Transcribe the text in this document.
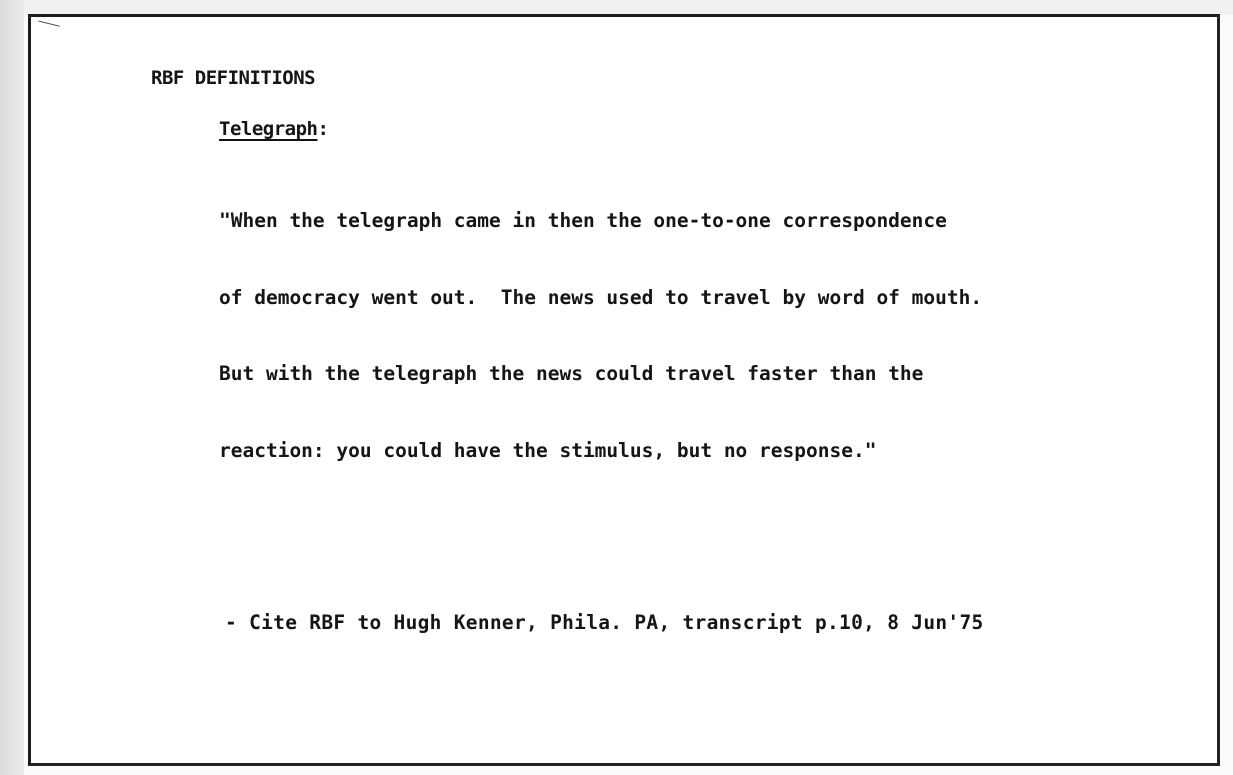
RBF DEFINITIONS
Telegraph:

"When the telegraph came in then the one-to-one correspondence

of democracy went out.  The news used to travel by word of mouth.

But with the telegraph the news could travel faster than the

reaction: you could have the stimulus, but no response."

- Cite RBF to Hugh Kenner, Phila. PA, transcript p.10, 8 Jun'75
